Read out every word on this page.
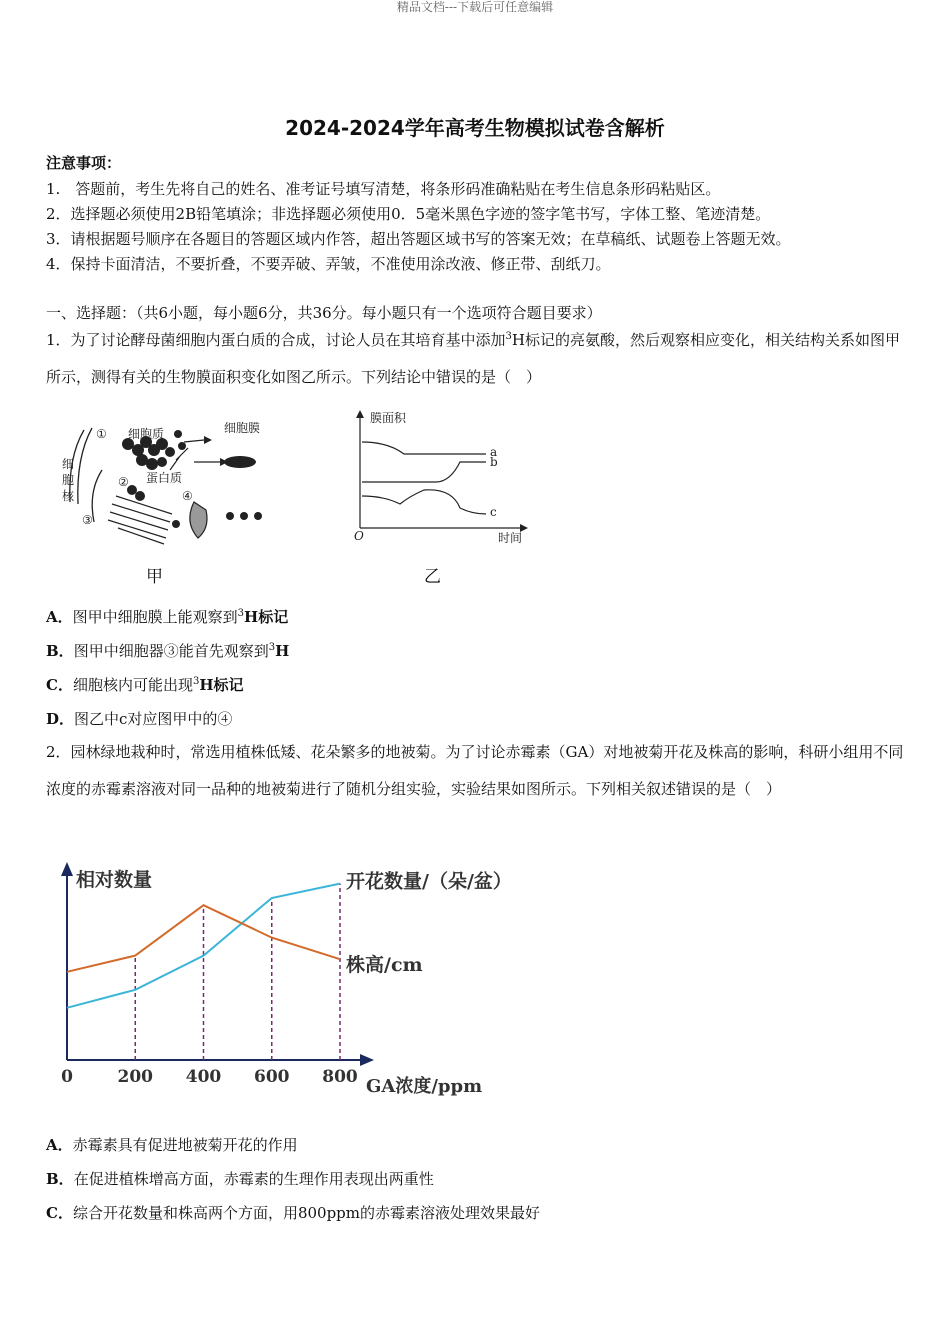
精品文档---下载后可任意编辑
2024-2024学年高考生物模拟试卷含解析
注意事项：
1.　答题前，考生先将自己的姓名、准考证号填写清楚，将条形码准确粘贴在考生信息条形码粘贴区。
2．选择题必须使用2B铅笔填涂；非选择题必须使用0．5毫米黑色字迹的签字笔书写，字体工整、笔迹清楚。
3．请根据题号顺序在各题目的答题区域内作答，超出答题区域书写的答案无效；在草稿纸、试题卷上答题无效。
4．保持卡面清洁，不要折叠，不要弄破、弄皱，不准使用涂改液、修正带、刮纸刀。
一、选择题：（共6小题，每小题6分，共36分。每小题只有一个选项符合题目要求）
1．为了讨论酵母菌细胞内蛋白质的合成，讨论人员在其培育基中添加$^3$H标记的亮氨酸，然后观察相应变化，相关结构关系如图甲所示，测得有关的生物膜面积变化如图乙所示。下列结论中错误的是（　）
① 细胞质	细胞膜
细
胞
核
② 蛋白质
③
④
甲
膜面积
时间
O
a
b
c
乙
A．图甲中细胞膜上能观察到$^3$H标记
B．图甲中细胞器③能首先观察到$^3$H
C．细胞核内可能出现$^3$H标记
D．图乙中c对应图甲中的④
2．园林绿地栽种时，常选用植株低矮、花朵繁多的地被菊。为了讨论赤霉素（GA）对地被菊开花及株高的影响，科研小组用不同浓度的赤霉素溶液对同一品种的地被菊进行了随机分组实验，实验结果如图所示。下列相关叙述错误的是（　）
相对数量
GA浓度/ppm
0	200 400 600 800
开花数量/（朵/盆）
株高/cm
A．赤霉素具有促进地被菊开花的作用
B．在促进植株增高方面，赤霉素的生理作用表现出两重性
C．综合开花数量和株高两个方面，用800ppm的赤霉素溶液处理效果最好
